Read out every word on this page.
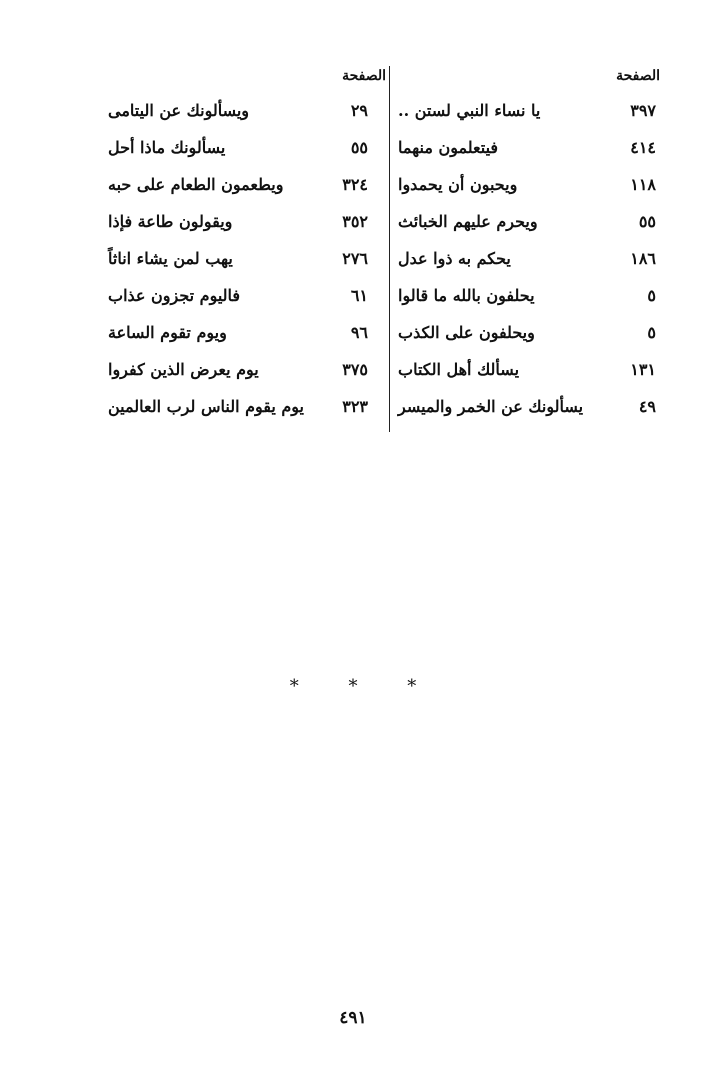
الصفحة
٣٩٧
يا نساء النبي لستن ..
٤١٤
فيتعلمون منهما
١١٨
ويحبون أن يحمدوا
٥٥
ويحرم عليهم الخبائث
١٨٦
يحكم به ذوا عدل
٥
يحلفون بالله ما قالوا
٥
ويحلفون على الكذب
١٣١
يسألك أهل الكتاب
٤٩
يسألونك عن الخمر والميسر
الصفحة
٢٩
ويسألونك عن اليتامى
٥٥
يسألونك ماذا أحل
٣٢٤
ويطعمون الطعام على حبه
٣٥٢
ويقولون طاعة فإذا
٢٧٦
يهب لمن يشاء اناثاً
٦١
فاليوم تجزون عذاب
٩٦
ويوم تقوم الساعة
٣٧٥
يوم يعرض الذين كفروا
٣٢٣
يوم يقوم الناس لرب العالمين
* * *
٤٩١
